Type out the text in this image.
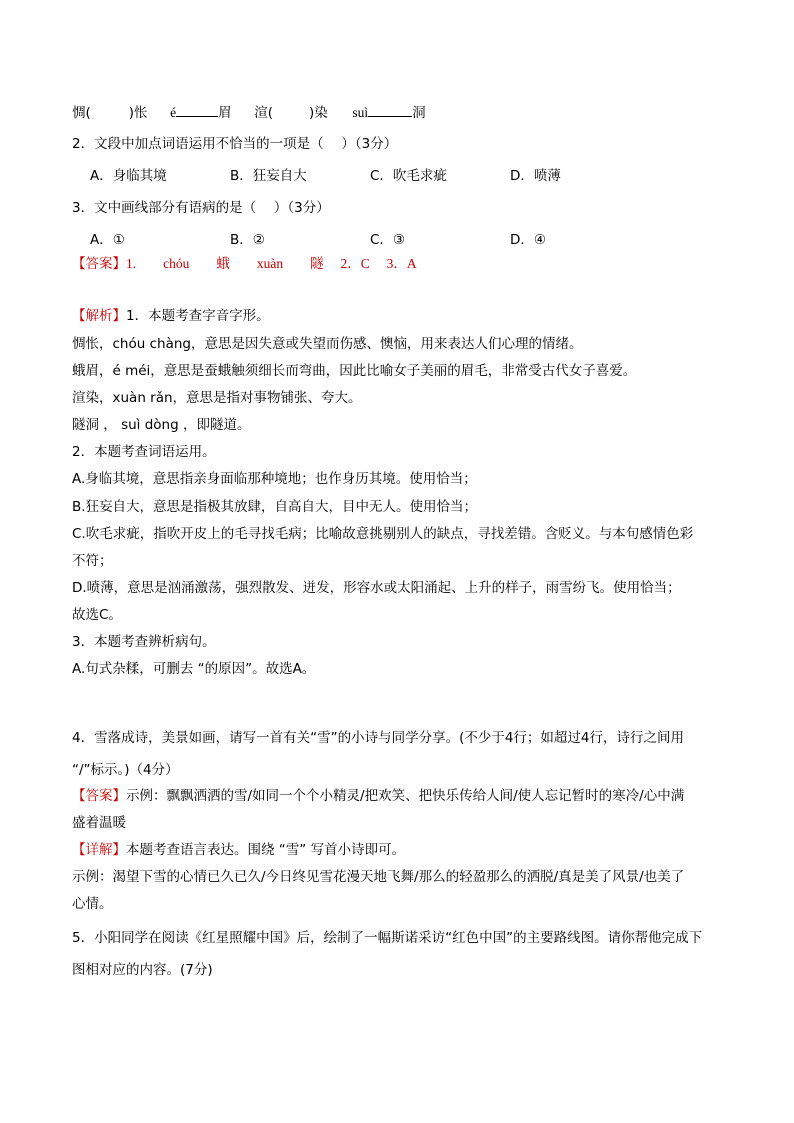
惆(	)怅 é	眉 渲(	)染 suì	洞
2．文段中加点词语运用不恰当的一项是（　 ）（3分）
A．身临其境	B．狂妄自大	C．吹毛求疵	D．喷薄
3．文中画线部分有语病的是（　 ）（3分）
A．①	B．②	C．③	D．④
【答案】1.　　chóu　　蛾　　xuàn　　隧　 2．C　 3．A
【解析】1．本题考查字音字形。
惆怅，chóu chàng，意思是因失意或失望而伤感、懊恼，用来表达人们心理的情绪。
蛾眉，é méi，意思是蚕蛾触须细长而弯曲，因此比喻女子美丽的眉毛，非常受古代女子喜爱。
渲染，xuàn rǎn，意思是指对事物铺张、夸大。
隧洞 ， suì dòng ，即隧道。
2．本题考查词语运用。
A.身临其境，意思指亲身面临那种境地；也作身历其境。使用恰当；
B.狂妄自大，意思是指极其放肆，自高自大，目中无人。使用恰当；
C.吹毛求疵，指吹开皮上的毛寻找毛病；比喻故意挑剔别人的缺点，寻找差错。含贬义。与本句感情色彩
不符；
D.喷薄，意思是汹涌激荡，强烈散发、迸发，形容水或太阳涌起、上升的样子，雨雪纷飞。使用恰当；
故选C。
3．本题考查辨析病句。
A.句式杂糅，可删去 “的原因”。故选A。
4．雪落成诗，美景如画，请写一首有关“雪”的小诗与同学分享。(不少于4行；如超过4行，诗行之间用
“/”标示。)（4分）
【答案】示例：飘飘洒洒的雪/如同一个个小精灵/把欢笑、把快乐传给人间/使人忘记暂时的寒冷/心中满
盛着温暖
【详解】本题考查语言表达。围绕 “雪” 写首小诗即可。
示例：渴望下雪的心情已久已久/今日终见雪花漫天地飞舞/那么的轻盈那么的洒脱/真是美了风景/也美了
心情。
5．小阳同学在阅读《红星照耀中国》后，绘制了一幅斯诺采访“红色中国”的主要路线图。请你帮他完成下
图相对应的内容。(7分)
